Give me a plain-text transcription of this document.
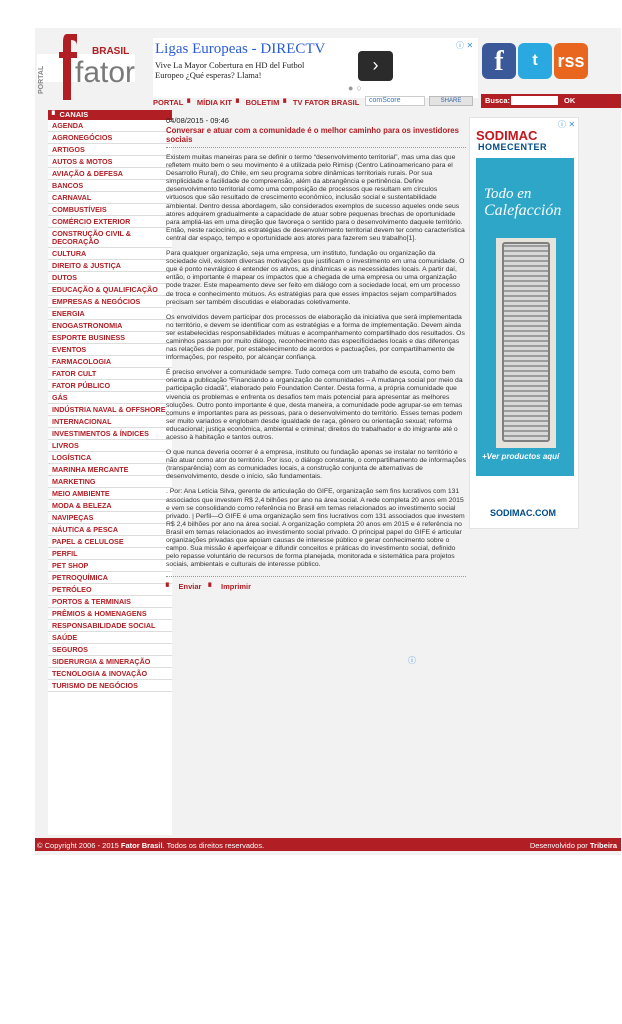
PORTAL fator
BRASIL Ligas Europeas - DIRECTV
Vive La Mayor Cobertura en HD del Futbol
Europeo ¿Qué esperas? Llama!	›
●○
ⓘ ✕
f	t	rss
PORTAL ▘ MÍDIA KIT ▘ BOLETIM ▘ TV FATOR BRASIL	comScore	SHARE	Busca:	OK
▘ CANAIS
AGENDA
AGRONEGÓCIOS
ARTIGOS
AUTOS & MOTOS
AVIAÇÃO & DEFESA
BANCOS
CARNAVAL
COMBUSTÍVEIS
COMÉRCIO EXTERIOR
CONSTRUÇÃO CIVIL & DECORAÇÃO
CULTURA
DIREITO & JUSTIÇA
DUTOS
EDUCAÇÃO & QUALIFICAÇÃO
EMPRESAS & NEGÓCIOS
ENERGIA
ENOGASTRONOMIA
ESPORTE BUSINESS
EVENTOS
FARMACOLOGIA
FATOR CULT
FATOR PÚBLICO
GÁS
INDÚSTRIA NAVAL & OFFSHORE
INTERNACIONAL
INVESTIMENTOS & ÍNDICES
LIVROS
LOGÍSTICA
MARINHA MERCANTE
MARKETING
MEIO AMBIENTE
MODA & BELEZA
NAVIPEÇAS
NÁUTICA & PESCA
PAPEL & CELULOSE
PERFIL
PET SHOP
PETROQUÍMICA
PETRÓLEO
PORTOS & TERMINAIS
PRÊMIOS & HOMENAGENS
RESPONSABILIDADE SOCIAL
SAÚDE
SEGUROS
SIDERURGIA & MINERAÇÃO
TECNOLOGIA & INOVAÇÃO
TURISMO DE NEGÓCIOS
04/08/2015 - 09:46
Conversar e atuar com a comunidade é o melhor caminho para os investidores sociais

Existem muitas maneiras para se definir o termo “desenvolvimento territorial”, mas uma das que refletem muito bem o seu movimento é a utilizada pelo Rimisp (Centro Latinoamericano para el Desarrollo Rural), do Chile, em seu programa sobre dinâmicas territoriais rurais. Por sua simplicidade e facilidade de compreensão, além da abrangência e pertinência. Define desenvolvimento territorial como uma composição de processos que resultam em círculos virtuosos que são resultado de crescimento econômico, inclusão social e sustentabilidade ambiental. Dentro dessa abordagem, são considerados exemplos de sucesso aqueles onde seus atores adquirem gradualmente a capacidade de atuar sobre pequenas brechas de oportunidade para ampliá-las em uma direção que favoreça o sentido para o desenvolvimento daquele território. Então, neste raciocínio, as estratégias de desenvolvimento territorial devem ter como característica central dar espaço, tempo e oportunidade aos atores para fazerem seu trabalho[1].

Para qualquer organização, seja uma empresa, um instituto, fundação ou organização da sociedade civil, existem diversas motivações que justificam o investimento em uma comunidade. O que é ponto nevrálgico é entender os ativos, as dinâmicas e as necessidades locais. A partir daí, então, o importante é mapear os impactos que a chegada de uma empresa ou uma organização pode trazer. Este mapeamento deve ser feito em diálogo com a sociedade local, em um processo de troca e conhecimento mútuos. As estratégias para que esses impactos sejam compartilhados precisam ser também discutidas e elaboradas coletivamente.

Os envolvidos devem participar dos processos de elaboração da iniciativa que será implementada no território, e devem se identificar com as estratégias e a forma de implementação. Devem ainda ser estabelecidas responsabilidades mútuas e acompanhamento compartilhado dos resultados. Os caminhos passam por muito diálogo, reconhecimento das especificidades locais e das diferenças nas relações de poder, por estabelecimento de acordos e pactuações, por compartilhamento de informações, por respeito, por alcançar confiança.

É preciso envolver a comunidade sempre. Tudo começa com um trabalho de escuta, como bem orienta a publicação “Financiando a organização de comunidades – A mudança social por meio da participação cidadã”, elaborado pelo Foundation Center. Desta forma, a própria comunidade que vivencia os problemas e enfrenta os desafios tem mais potencial para apresentar as melhores soluções. Outro ponto importante é que, desta maneira, a comunidade pode agrupar-se em temas comuns e importantes para as pessoas, para o desenvolvimento do território. Esses temas podem ser muito variados e englobam desde igualdade de raça, gênero ou orientação sexual; reforma educacional; justiça econômica, ambiental e criminal; direitos do trabalhador e do imigrante até o acesso à habitação e tantos outros.

O que nunca deveria ocorrer é a empresa, instituto ou fundação apenas se instalar no território e não atuar como ator do território. Por isso, o diálogo constante, o compartilhamento de informações (transparência) com as comunidades locais, a construção conjunta de alternativas de desenvolvimento, desde o início, são fundamentais.

. Por: Ana Letícia Silva, gerente de articulação do GIFE, organização sem fins lucrativos com 131 associados que investem R$ 2,4 bilhões por ano na área social. A rede completa 20 anos em 2015 e vem se consolidando como referência no Brasil em temas relacionados ao investimento social privado. | Perfil—O GIFE é uma organização sem fins lucrativos com 131 associados que investem R$ 2,4 bilhões por ano na área social. A organização completa 20 anos em 2015 e é referência no Brasil em temas relacionados ao investimento social privado. O principal papel do GIFE é articular organizações privadas que apoiam causas de interesse público e gerar conhecimento sobre o campo. Sua missão é aperfeiçoar e difundir conceitos e práticas do investimento social, definido pelo repasse voluntário de recursos de forma planejada, monitorada e sistemática para projetos sociais, ambientais e culturais de interesse público.

▘ Enviar ▘ Imprimir
ⓘ
ⓘ ✕
SODIMAC
HOMECENTER
Todo en
Calefacción
+Ver productos aquí
SODIMAC.COM
© Copyright 2006 - 2015 Fator Brasil. Todos os direitos reservados.	Desenvolvido por Tribeira
